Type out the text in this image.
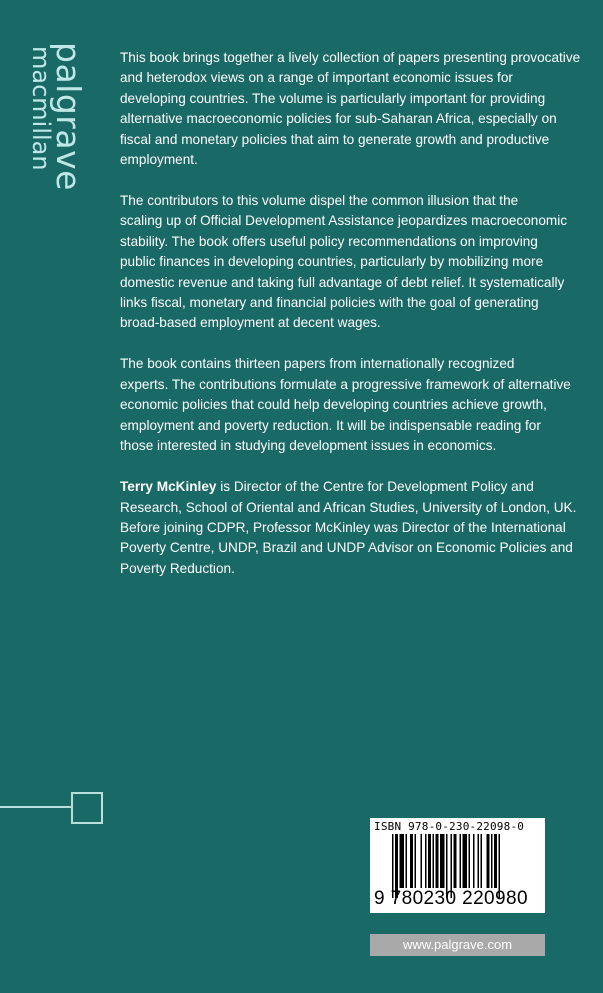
palgrave
macmillan	This book brings together a lively collection of papers presenting provocative
and heterodox views on a range of important economic issues for
developing countries. The volume is particularly important for providing
alternative macroeconomic policies for sub-Saharan Africa, especially on
fiscal and monetary policies that aim to generate growth and productive
employment.

The contributors to this volume dispel the common illusion that the
scaling up of Official Development Assistance jeopardizes macroeconomic
stability. The book offers useful policy recommendations on improving
public finances in developing countries, particularly by mobilizing more
domestic revenue and taking full advantage of debt relief. It systematically
links fiscal, monetary and financial policies with the goal of generating
broad-based employment at decent wages.

The book contains thirteen papers from internationally recognized
experts. The contributions formulate a progressive framework of alternative
economic policies that could help developing countries achieve growth,
employment and poverty reduction. It will be indispensable reading for
those interested in studying development issues in economics.

Terry McKinley is Director of the Centre for Development Policy and
Research, School of Oriental and African Studies, University of London, UK.
Before joining CDPR, Professor McKinley was Director of the International
Poverty Centre, UNDP, Brazil and UNDP Advisor on Economic Policies and
Poverty Reduction.

ISBN 978-0-230-22098-0
9 780230 220980
www.palgrave.com
